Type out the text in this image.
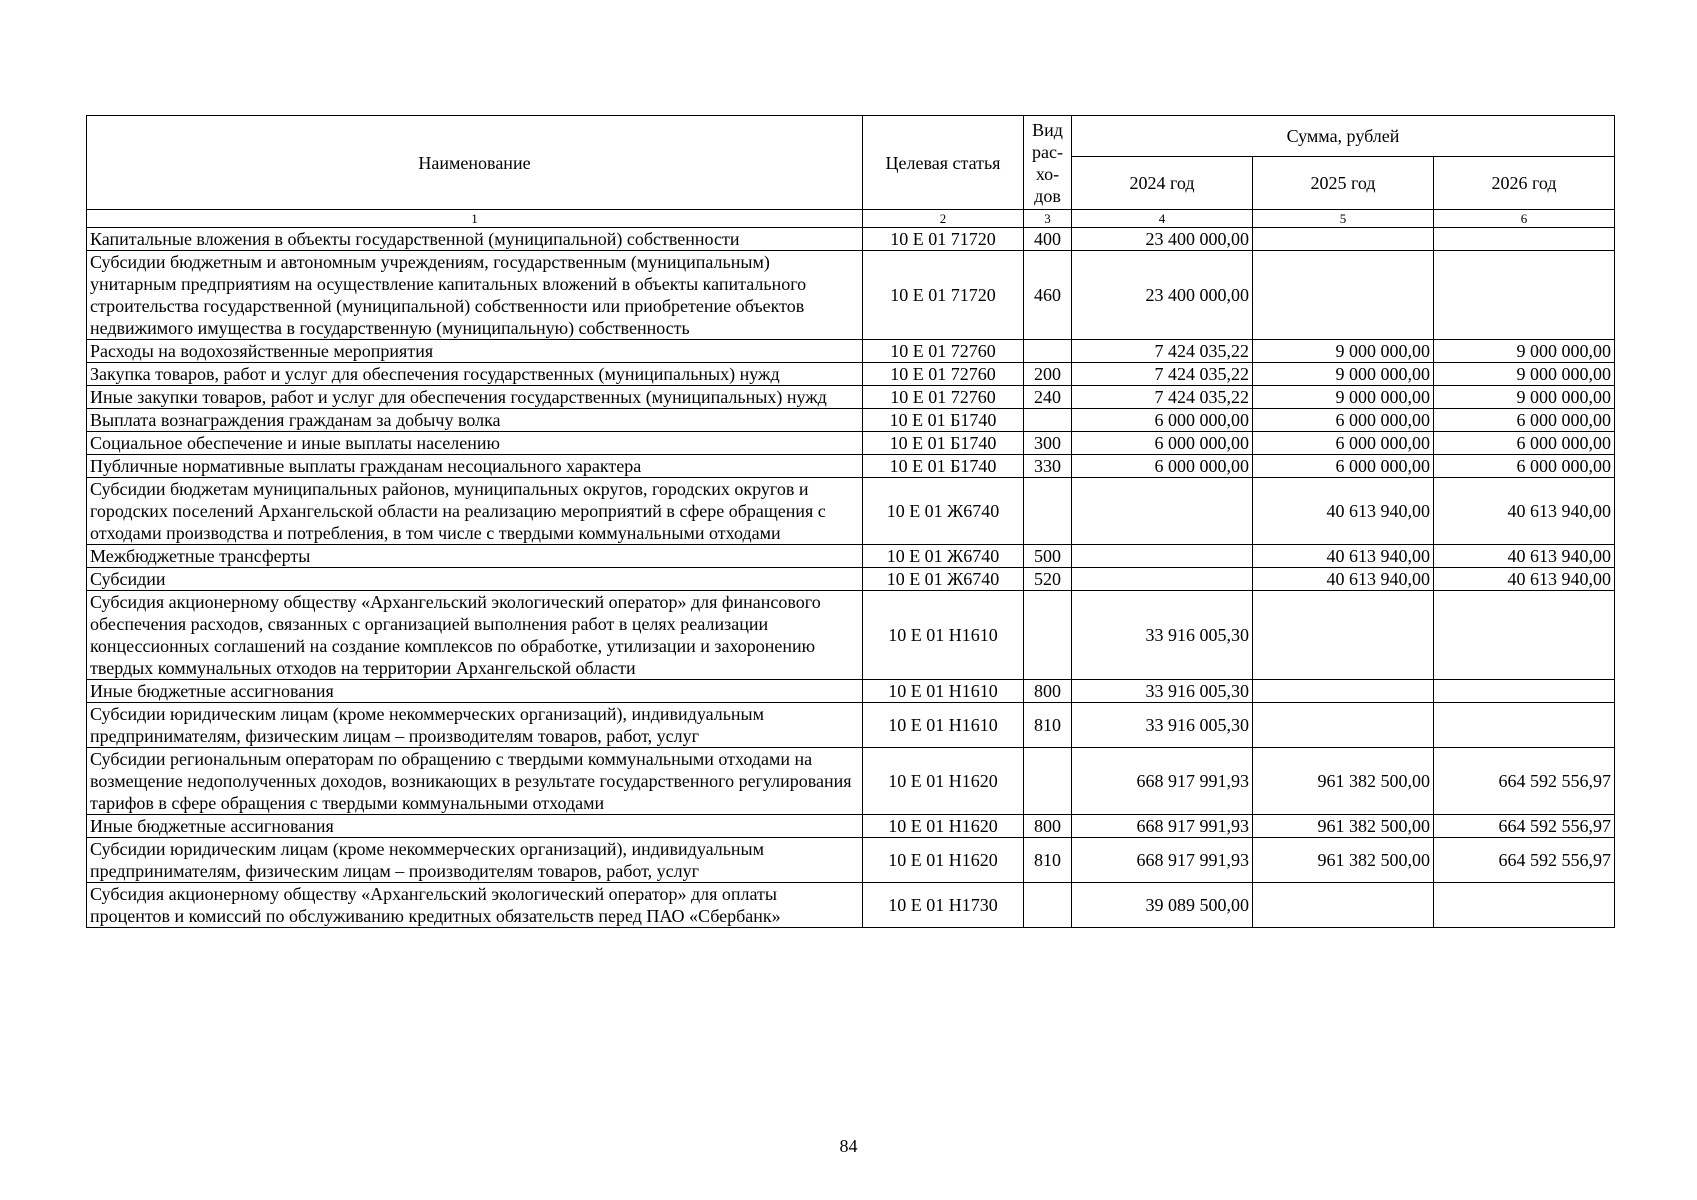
Наименование	Целевая статья	Вид рас-хо-дов	Сумма, рублей		
			2024 год	2025 год	2026 год
1	2	3	4	5	6
Капитальные вложения в объекты государственной (муниципальной) собственности	10 Е 01 71720	400	23 400 000,00		
Субсидии бюджетным и автономным учреждениям, государственным (муниципальным) унитарным предприятиям на осуществление капитальных вложений в объекты капитального строительства государственной (муниципальной) собственности или приобретение объектов недвижимого имущества в государственную (муниципальную) собственность	10 Е 01 71720	460	23 400 000,00		
Расходы на водохозяйственные мероприятия	10 Е 01 72760		7 424 035,22	9 000 000,00	9 000 000,00
Закупка товаров, работ и услуг для обеспечения государственных (муниципальных) нужд	10 Е 01 72760	200	7 424 035,22	9 000 000,00	9 000 000,00
Иные закупки товаров, работ и услуг для обеспечения государственных (муниципальных) нужд	10 Е 01 72760	240	7 424 035,22	9 000 000,00	9 000 000,00
Выплата вознаграждения гражданам за добычу волка	10 Е 01 Б1740		6 000 000,00	6 000 000,00	6 000 000,00
Социальное обеспечение и иные выплаты населению	10 Е 01 Б1740	300	6 000 000,00	6 000 000,00	6 000 000,00
Публичные нормативные выплаты гражданам несоциального характера	10 Е 01 Б1740	330	6 000 000,00	6 000 000,00	6 000 000,00
Субсидии бюджетам муниципальных районов, муниципальных округов, городских округов и городских поселений Архангельской области на реализацию мероприятий в сфере обращения с отходами производства и потребления, в том числе с твердыми коммунальными отходами	10 Е 01 Ж6740			40 613 940,00	40 613 940,00
Межбюджетные трансферты	10 Е 01 Ж6740	500		40 613 940,00	40 613 940,00
Субсидии	10 Е 01 Ж6740	520		40 613 940,00	40 613 940,00
Субсидия акционерному обществу «Архангельский экологический оператор» для финансового обеспечения расходов, связанных с организацией выполнения работ в целях реализации концессионных соглашений на создание комплексов по обработке, утилизации и захоронению твердых коммунальных отходов на территории Архангельской области	10 Е 01 Н1610		33 916 005,30		
Иные бюджетные ассигнования	10 Е 01 Н1610	800	33 916 005,30		
Субсидии юридическим лицам (кроме некоммерческих организаций), индивидуальным предпринимателям, физическим лицам – производителям товаров, работ, услуг	10 Е 01 Н1610	810	33 916 005,30		
Субсидии региональным операторам по обращению с твердыми коммунальными отходами на возмещение недополученных доходов, возникающих в результате государственного регулирования тарифов в сфере обращения с твердыми коммунальными отходами	10 Е 01 Н1620		668 917 991,93	961 382 500,00	664 592 556,97
Иные бюджетные ассигнования	10 Е 01 Н1620	800	668 917 991,93	961 382 500,00	664 592 556,97
Субсидии юридическим лицам (кроме некоммерческих организаций), индивидуальным предпринимателям, физическим лицам – производителям товаров, работ, услуг	10 Е 01 Н1620	810	668 917 991,93	961 382 500,00	664 592 556,97
Субсидия акционерному обществу «Архангельский экологический оператор» для оплаты процентов и комиссий по обслуживанию кредитных обязательств перед ПАО «Сбербанк»	10 Е 01 Н1730		39 089 500,00		
84
